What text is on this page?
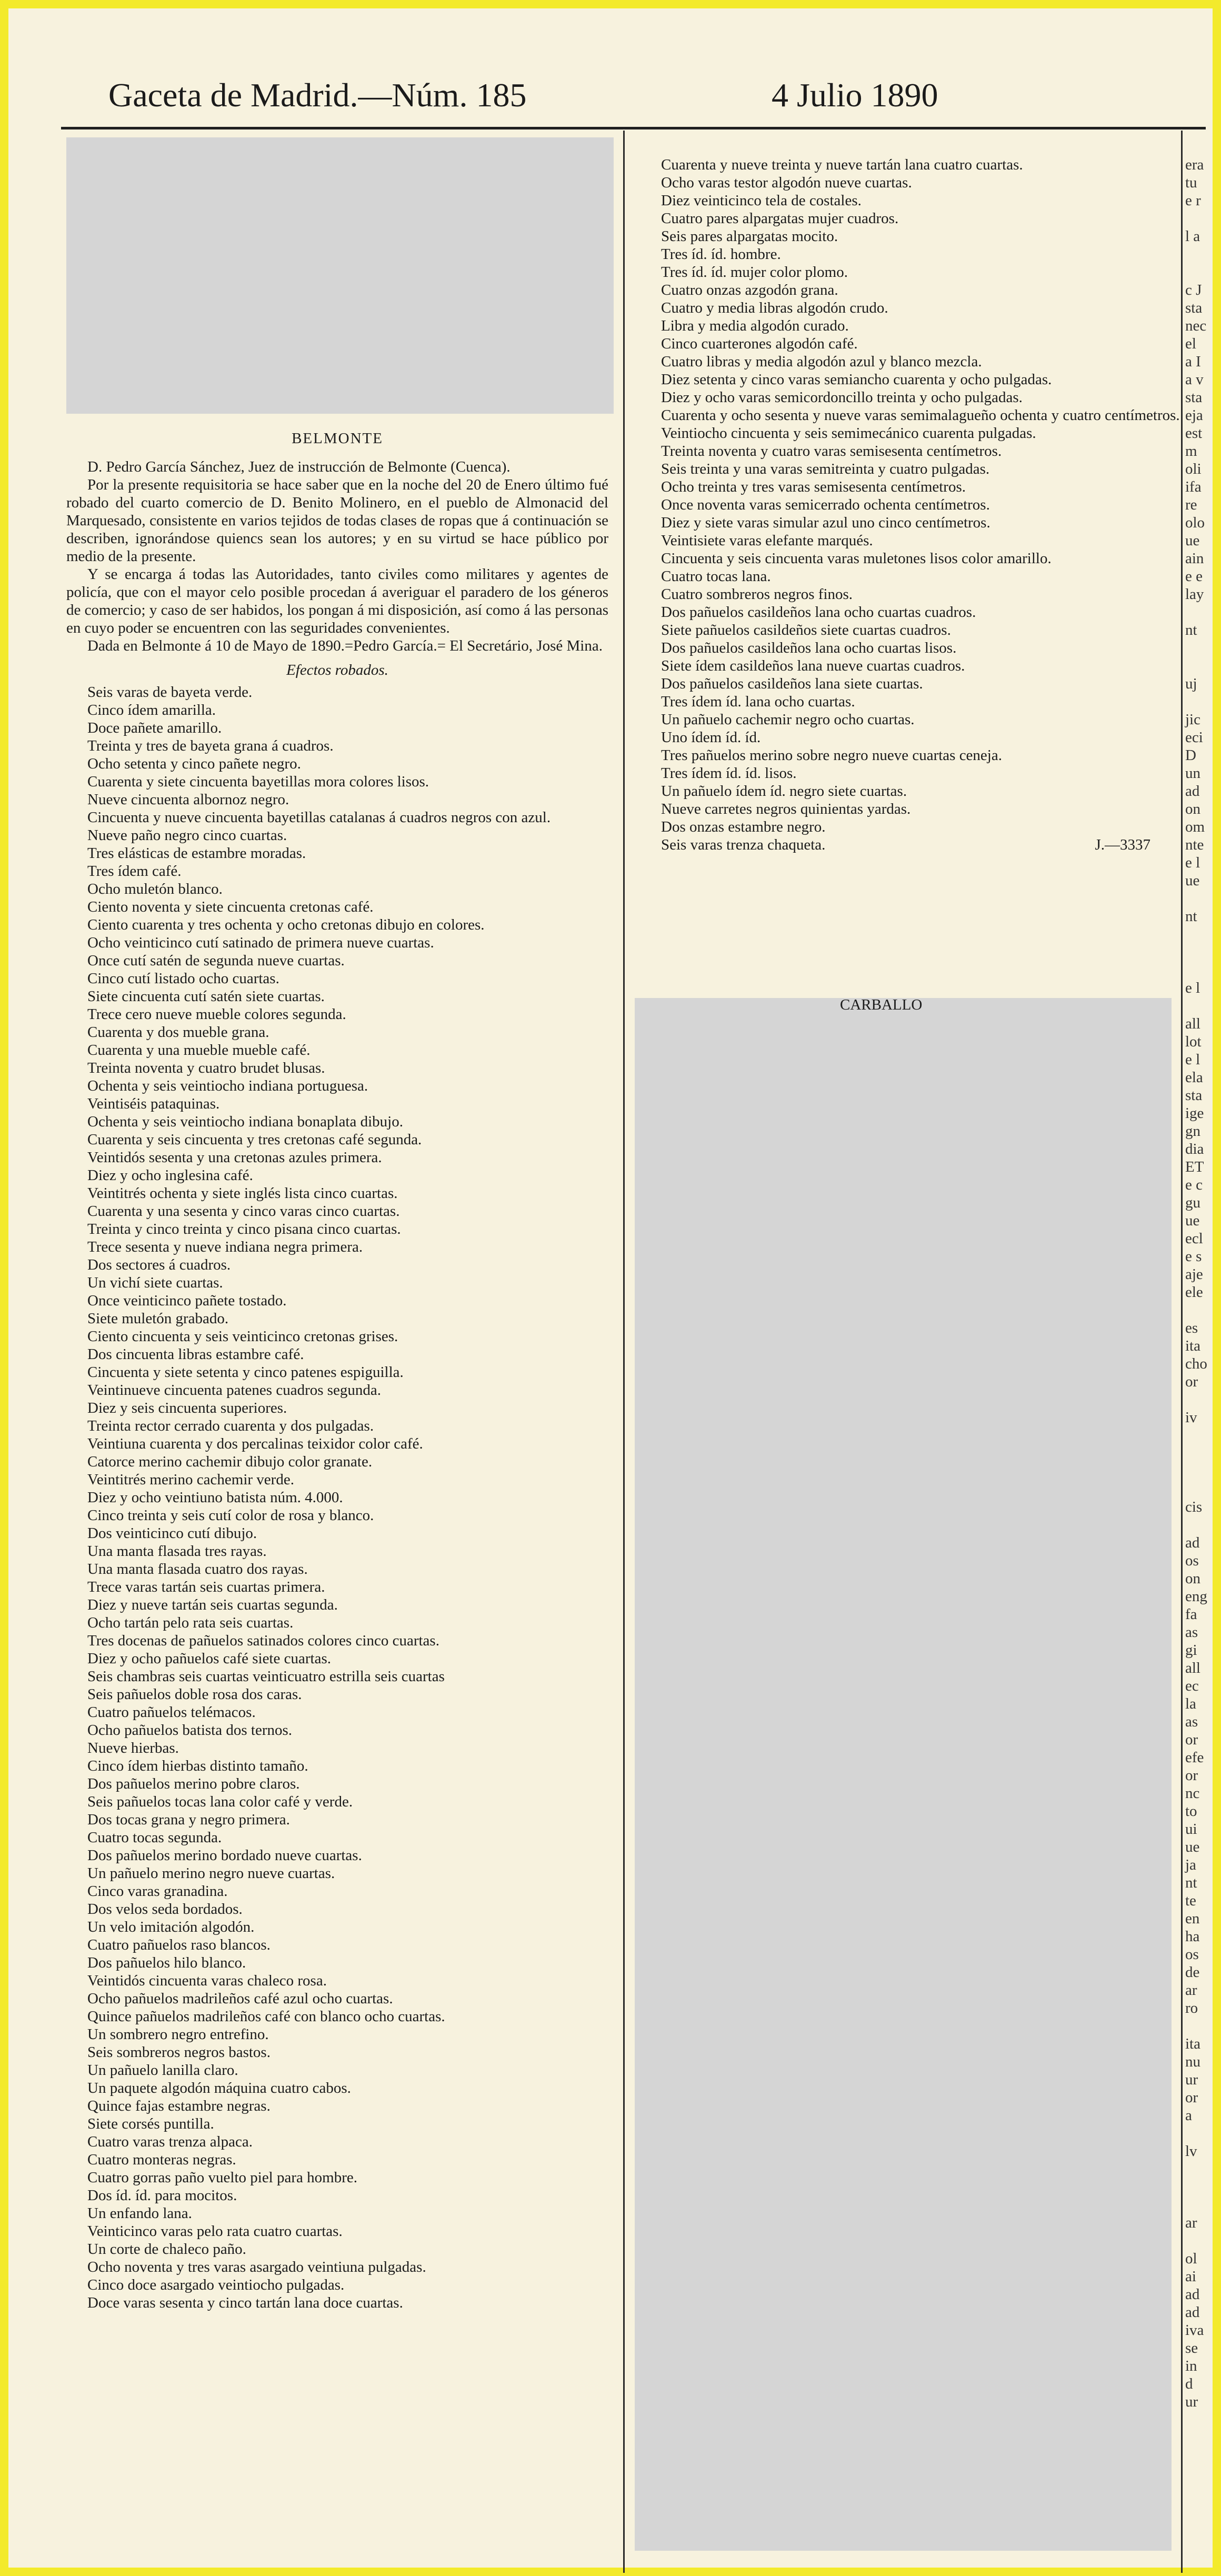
Gaceta de Madrid.—Núm. 185	4 Julio 1890
BELMONTE

D. Pedro García Sánchez, Juez de instrucción de Belmonte (Cuenca).

Por la presente requisitoria se hace saber que en la noche del 20 de Enero último fué robado del cuarto comercio de D. Benito Molinero, en el pueblo de Almonacid del Marquesado, consistente en varios tejidos de todas clases de ropas que á continuación se describen, ignorándose quiencs sean los autores; y en su virtud se hace público por medio de la presente.

Y se encarga á todas las Autoridades, tanto civiles como militares y agentes de policía, que con el mayor celo posible procedan á averiguar el paradero de los géneros de comercio; y caso de ser habidos, los pongan á mi disposición, así como á las personas en cuyo poder se encuentren con las seguridades convenientes.

Dada en Belmonte á 10 de Mayo de 1890.=Pedro García.= El Secretário, José Mina.

Efectos robados.
Seis varas de bayeta verde.
Cinco ídem amarilla.
Doce pañete amarillo.
Treinta y tres de bayeta grana á cuadros.
Ocho setenta y cinco pañete negro.
Cuarenta y siete cincuenta bayetillas mora colores lisos.
Nueve cincuenta albornoz negro.
Cincuenta y nueve cincuenta bayetillas catalanas á cuadros negros con azul.
Nueve paño negro cinco cuartas.
Tres elásticas de estambre moradas.
Tres ídem café.
Ocho muletón blanco.
Ciento noventa y siete cincuenta cretonas café.
Ciento cuarenta y tres ochenta y ocho cretonas dibujo en colores.
Ocho veinticinco cutí satinado de primera nueve cuartas.
Once cutí satén de segunda nueve cuartas.
Cinco cutí listado ocho cuartas.
Siete cincuenta cutí satén siete cuartas.
Trece cero nueve mueble colores segunda.
Cuarenta y dos mueble grana.
Cuarenta y una mueble mueble café.
Treinta noventa y cuatro brudet blusas.
Ochenta y seis veintiocho indiana portuguesa.
Veintiséis pataquinas.
Ochenta y seis veintiocho indiana bonaplata dibujo.
Cuarenta y seis cincuenta y tres cretonas café segunda.
Veintidós sesenta y una cretonas azules primera.
Diez y ocho inglesina café.
Veintitrés ochenta y siete inglés lista cinco cuartas.
Cuarenta y una sesenta y cinco varas cinco cuartas.
Treinta y cinco treinta y cinco pisana cinco cuartas.
Trece sesenta y nueve indiana negra primera.
Dos sectores á cuadros.
Un vichí siete cuartas.
Once veinticinco pañete tostado.
Siete muletón grabado.
Ciento cincuenta y seis veinticinco cretonas grises.
Dos cincuenta libras estambre café.
Cincuenta y siete setenta y cinco patenes espiguilla.
Veintinueve cincuenta patenes cuadros segunda.
Diez y seis cincuenta superiores.
Treinta rector cerrado cuarenta y dos pulgadas.
Veintiuna cuarenta y dos percalinas teixidor color café.
Catorce merino cachemir dibujo color granate.
Veintitrés merino cachemir verde.
Diez y ocho veintiuno batista núm. 4.000.
Cinco treinta y seis cutí color de rosa y blanco.
Dos veinticinco cutí dibujo.
Una manta flasada tres rayas.
Una manta flasada cuatro dos rayas.
Trece varas tartán seis cuartas primera.
Diez y nueve tartán seis cuartas segunda.
Ocho tartán pelo rata seis cuartas.
Tres docenas de pañuelos satinados colores cinco cuartas.
Diez y ocho pañuelos café siete cuartas.
Seis chambras seis cuartas veinticuatro estrilla seis cuartas
Seis pañuelos doble rosa dos caras.
Cuatro pañuelos telémacos.
Ocho pañuelos batista dos ternos.
Nueve hierbas.
Cinco ídem hierbas distinto tamaño.
Dos pañuelos merino pobre claros.
Seis pañuelos tocas lana color café y verde.
Dos tocas grana y negro primera.
Cuatro tocas segunda.
Dos pañuelos merino bordado nueve cuartas.
Un pañuelo merino negro nueve cuartas.
Cinco varas granadina.
Dos velos seda bordados.
Un velo imitación algodón.
Cuatro pañuelos raso blancos.
Dos pañuelos hilo blanco.
Veintidós cincuenta varas chaleco rosa.
Ocho pañuelos madrileños café azul ocho cuartas.
Quince pañuelos madrileños café con blanco ocho cuartas.
Un sombrero negro entrefino.
Seis sombreros negros bastos.
Un pañuelo lanilla claro.
Un paquete algodón máquina cuatro cabos.
Quince fajas estambre negras.
Siete corsés puntilla.
Cuatro varas trenza alpaca.
Cuatro monteras negras.
Cuatro gorras paño vuelto piel para hombre.
Dos íd. íd. para mocitos.
Un enfando lana.
Veinticinco varas pelo rata cuatro cuartas.
Un corte de chaleco paño.
Ocho noventa y tres varas asargado veintiuna pulgadas.
Cinco doce asargado veintiocho pulgadas.
Doce varas sesenta y cinco tartán lana doce cuartas.
Cuarenta y nueve treinta y nueve tartán lana cuatro cuartas.
Ocho varas testor algodón nueve cuartas.
Diez veinticinco tela de costales.
Cuatro pares alpargatas mujer cuadros.
Seis pares alpargatas mocito.
Tres íd. íd. hombre.
Tres íd. íd. mujer color plomo.
Cuatro onzas azgodón grana.
Cuatro y media libras algodón crudo.
Libra y media algodón curado.
Cinco cuarterones algodón café.
Cuatro libras y media algodón azul y blanco mezcla.
Diez setenta y cinco varas semiancho cuarenta y ocho pulgadas.
Diez y ocho varas semicordoncillo treinta y ocho pulgadas.
Cuarenta y ocho sesenta y nueve varas semimalagueño ochenta y cuatro centímetros.
Veintiocho cincuenta y seis semimecánico cuarenta pulgadas.
Treinta noventa y cuatro varas semisesenta centímetros.
Seis treinta y una varas semitreinta y cuatro pulgadas.
Ocho treinta y tres varas semisesenta centímetros.
Once noventa varas semicerrado ochenta centímetros.
Diez y siete varas simular azul uno cinco centímetros.
Veintisiete varas elefante marqués.
Cincuenta y seis cincuenta varas muletones lisos color amarillo.
Cuatro tocas lana.
Cuatro sombreros negros finos.
Dos pañuelos casildeños lana ocho cuartas cuadros.
Siete pañuelos casildeños siete cuartas cuadros.
Dos pañuelos casildeños lana ocho cuartas lisos.
Siete ídem casildeños lana nueve cuartas cuadros.
Dos pañuelos casildeños lana siete cuartas.
Tres ídem íd. lana ocho cuartas.
Un pañuelo cachemir negro ocho cuartas.
Uno ídem íd. íd.
Tres pañuelos merino sobre negro nueve cuartas ceneja.
Tres ídem íd. íd. lisos.
Un pañuelo ídem íd. negro siete cuartas.
Nueve carretes negros quinientas yardas.
Dos onzas estambre negro.
Seis varas trenza chaqueta.	J.—3337
era
tu
e r

l a

c J
sta
nec
el
a I
a v
sta
eja
est
m
oli
ifa
re
olo
ue
ain
e e
lay

nt

uj

jic
eci
D
un
ad
on
om
nte
e l
ue

nt

e l

all
lot
e l
ela
sta
ige
gn
dia
ET
e c
gu
ue
ecl
e s
aje
ele

es
ita
cho
or

iv

cis

ad
os
on
eng
fa
as
gi
all
ec
la
as
or
efe
or
nc
to
ui
ue
ja
nt
te
en
ha
os
de
ar
ro

ita
nu
ur
or
a

lv

ar

ol
ai
ad
ad
iva
se
in
d
ur
